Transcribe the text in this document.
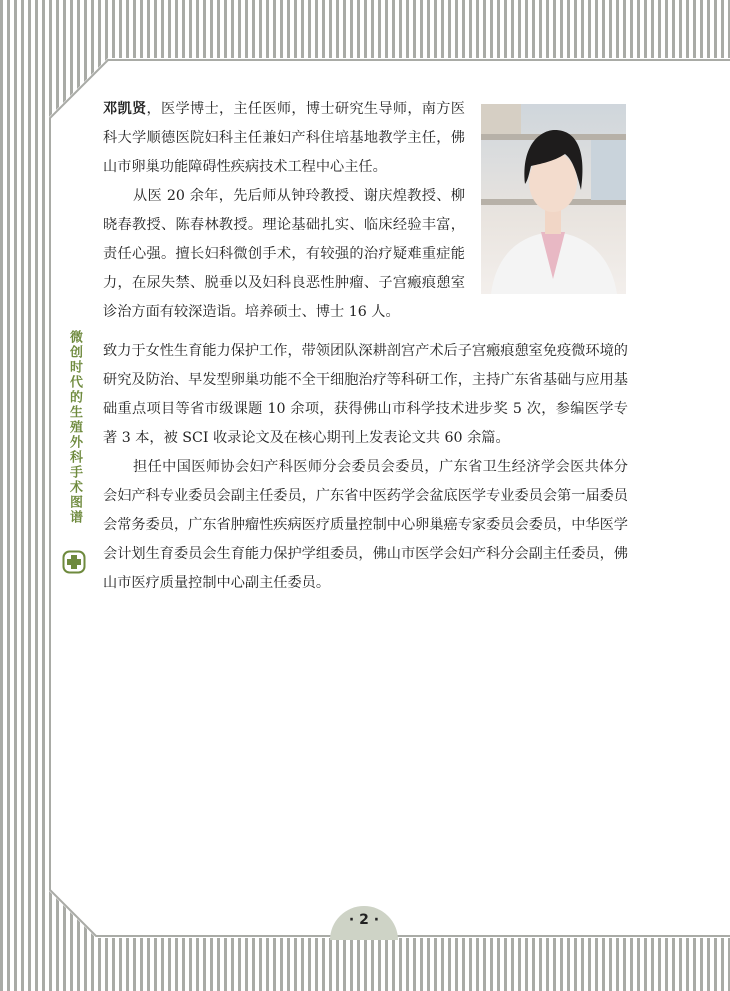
微创时代的生殖外科手术图谱
邓凯贤，医学博士，主任医师，博士研究生导师，南方医科大学顺德医院妇科主任兼妇产科住培基地教学主任，佛山市卵巢功能障碍性疾病技术工程中心主任。
从医 20 余年，先后师从钟玲教授、谢庆煌教授、柳晓春教授、陈春林教授。理论基础扎实、临床经验丰富，责任心强。擅长妇科微创手术，有较强的治疗疑难重症能力，在尿失禁、脱垂以及妇科良恶性肿瘤、子宫瘢痕憩室诊治方面有较深造诣。培养硕士、博士 16 人。
致力于女性生育能力保护工作，带领团队深耕剖宫产术后子宫瘢痕憩室免疫微环境的研究及防治、早发型卵巢功能不全干细胞治疗等科研工作，主持广东省基础与应用基础重点项目等省市级课题 10 余项，获得佛山市科学技术进步奖 5 次，参编医学专著 3 本，被 SCI 收录论文及在核心期刊上发表论文共 60 余篇。
担任中国医师协会妇产科医师分会委员会委员，广东省卫生经济学会医共体分会妇产科专业委员会副主任委员，广东省中医药学会盆底医学专业委员会第一届委员会常务委员，广东省肿瘤性疾病医疗质量控制中心卵巢癌专家委员会委员，中华医学会计划生育委员会生育能力保护学组委员，佛山市医学会妇产科分会副主任委员，佛山市医疗质量控制中心副主任委员。
· 2 ·
